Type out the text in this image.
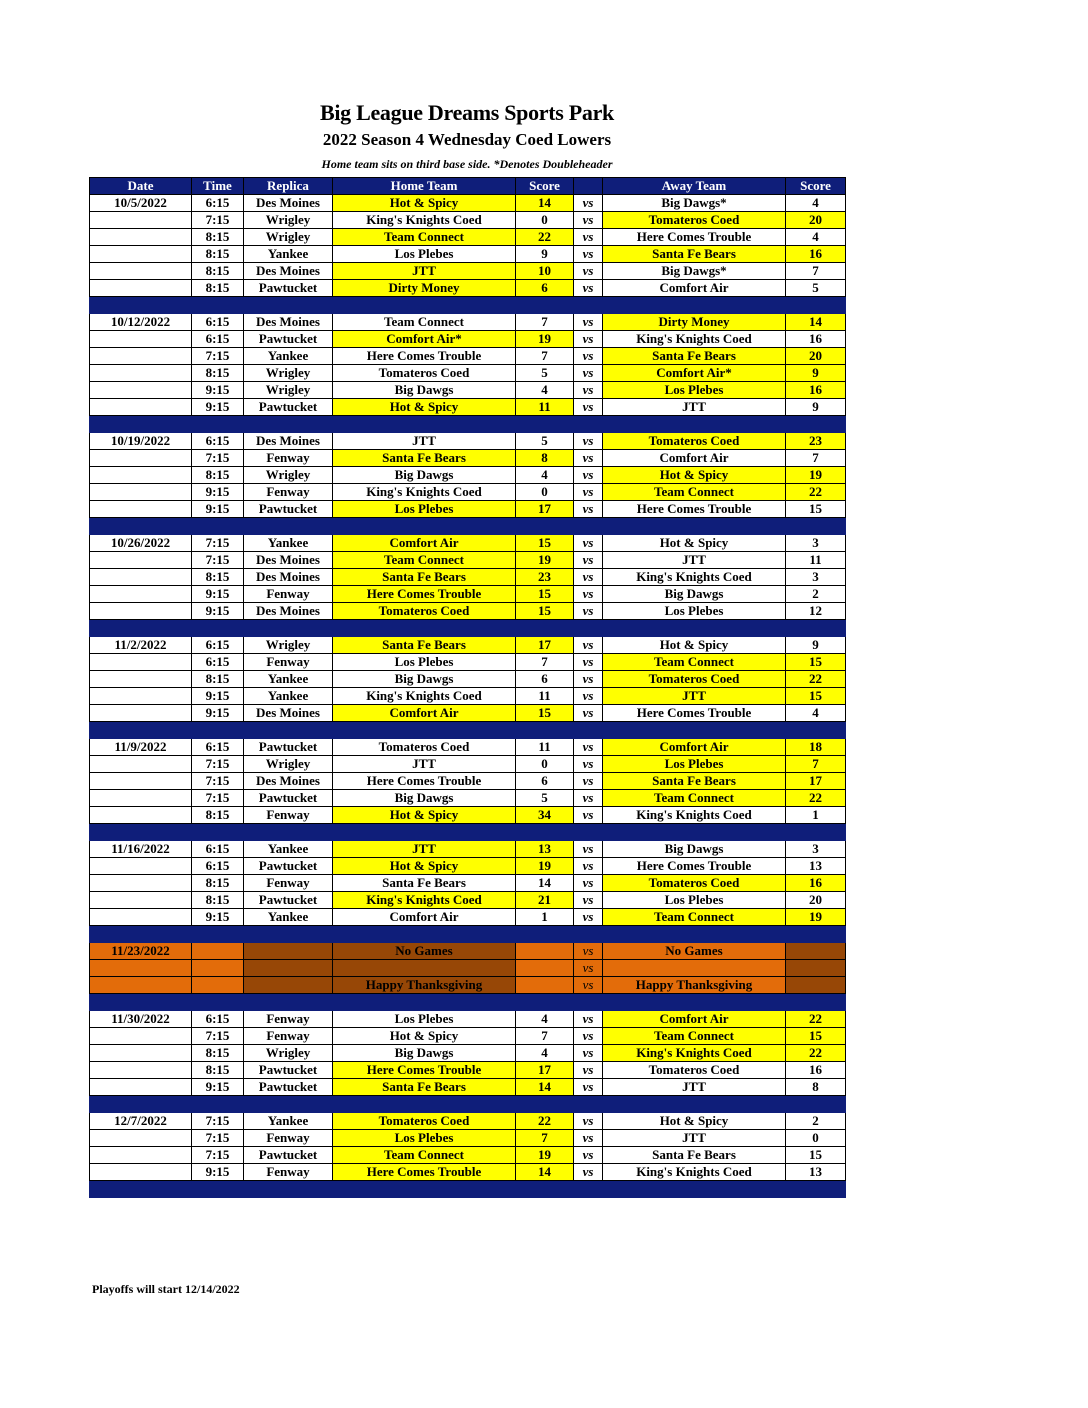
Big League Dreams Sports Park
2022 Season 4 Wednesday Coed Lowers
Home team sits on third base side. *Denotes Doubleheader
Date	Time	Replica	Home Team	Score		Away Team	Score
10/5/2022	6:15	Des Moines	Hot & Spicy	14	vs	Big Dawgs*	4
	7:15	Wrigley	King's Knights Coed	0	vs	Tomateros Coed	20
	8:15	Wrigley	Team Connect	22	vs	Here Comes Trouble	4
	8:15	Yankee	Los Plebes	9	vs	Santa Fe Bears	16
	8:15	Des Moines	JTT	10	vs	Big Dawgs*	7
	8:15	Pawtucket	Dirty Money	6	vs	Comfort Air	5

10/12/2022	6:15	Des Moines	Team Connect	7	vs	Dirty Money	14
	6:15	Pawtucket	Comfort Air*	19	vs	King's Knights Coed	16
	7:15	Yankee	Here Comes Trouble	7	vs	Santa Fe Bears	20
	8:15	Wrigley	Tomateros Coed	5	vs	Comfort Air*	9
	9:15	Wrigley	Big Dawgs	4	vs	Los Plebes	16
	9:15	Pawtucket	Hot & Spicy	11	vs	JTT	9

10/19/2022	6:15	Des Moines	JTT	5	vs	Tomateros Coed	23
	7:15	Fenway	Santa Fe Bears	8	vs	Comfort Air	7
	8:15	Wrigley	Big Dawgs	4	vs	Hot & Spicy	19
	9:15	Fenway	King's Knights Coed	0	vs	Team Connect	22
	9:15	Pawtucket	Los Plebes	17	vs	Here Comes Trouble	15

10/26/2022	7:15	Yankee	Comfort Air	15	vs	Hot & Spicy	3
	7:15	Des Moines	Team Connect	19	vs	JTT	11
	8:15	Des Moines	Santa Fe Bears	23	vs	King's Knights Coed	3
	9:15	Fenway	Here Comes Trouble	15	vs	Big Dawgs	2
	9:15	Des Moines	Tomateros Coed	15	vs	Los Plebes	12

11/2/2022	6:15	Wrigley	Santa Fe Bears	17	vs	Hot & Spicy	9
	6:15	Fenway	Los Plebes	7	vs	Team Connect	15
	8:15	Yankee	Big Dawgs	6	vs	Tomateros Coed	22
	9:15	Yankee	King's Knights Coed	11	vs	JTT	15
	9:15	Des Moines	Comfort Air	15	vs	Here Comes Trouble	4

11/9/2022	6:15	Pawtucket	Tomateros Coed	11	vs	Comfort Air	18
	7:15	Wrigley	JTT	0	vs	Los Plebes	7
	7:15	Des Moines	Here Comes Trouble	6	vs	Santa Fe Bears	17
	7:15	Pawtucket	Big Dawgs	5	vs	Team Connect	22
	8:15	Fenway	Hot & Spicy	34	vs	King's Knights Coed	1

11/16/2022	6:15	Yankee	JTT	13	vs	Big Dawgs	3
	6:15	Pawtucket	Hot & Spicy	19	vs	Here Comes Trouble	13
	8:15	Fenway	Santa Fe Bears	14	vs	Tomateros Coed	16
	8:15	Pawtucket	King's Knights Coed	21	vs	Los Plebes	20
	9:15	Yankee	Comfort Air	1	vs	Team Connect	19

11/23/2022			No Games		vs	No Games	
					vs		
			Happy Thanksgiving		vs	Happy Thanksgiving	

11/30/2022	6:15	Fenway	Los Plebes	4	vs	Comfort Air	22
	7:15	Fenway	Hot & Spicy	7	vs	Team Connect	15
	8:15	Wrigley	Big Dawgs	4	vs	King's Knights Coed	22
	8:15	Pawtucket	Here Comes Trouble	17	vs	Tomateros Coed	16
	9:15	Pawtucket	Santa Fe Bears	14	vs	JTT	8

12/7/2022	7:15	Yankee	Tomateros Coed	22	vs	Hot & Spicy	2
	7:15	Fenway	Los Plebes	7	vs	JTT	0
	7:15	Pawtucket	Team Connect	19	vs	Santa Fe Bears	15
	9:15	Fenway	Here Comes Trouble	14	vs	King's Knights Coed	13

Playoffs will start 12/14/2022
